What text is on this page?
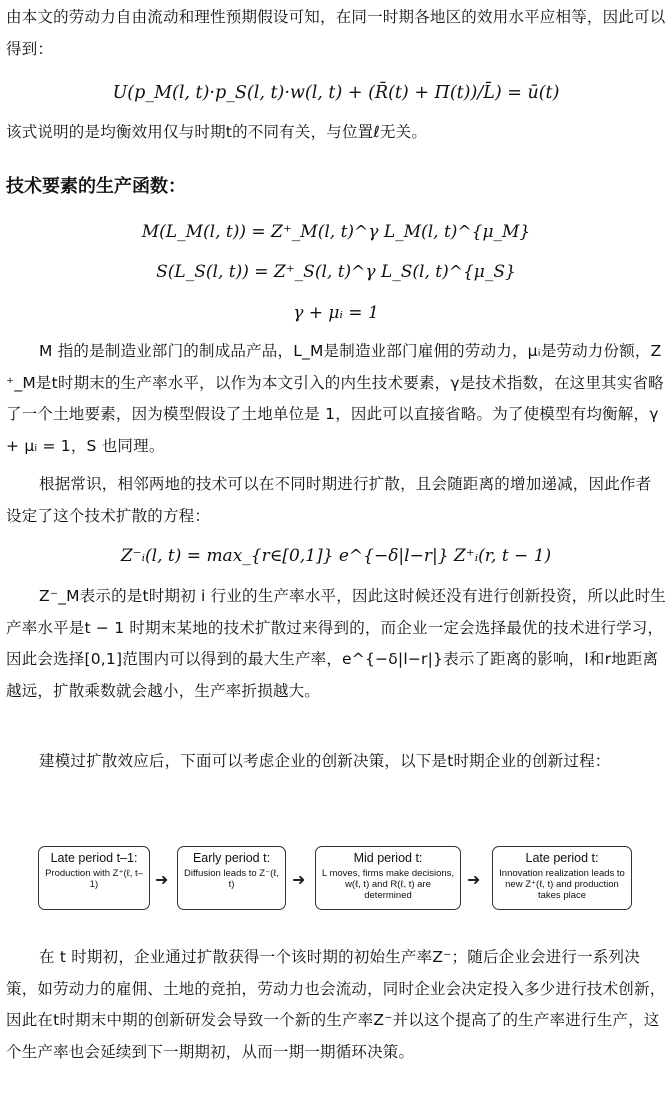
由本文的劳动力自由流动和理性预期假设可知，在同一时期各地区的效用水平应相等，因此可以得到：

U(p_M(l, t)·p_S(l, t)·w(l, t) + (R̄(t) + Π(t))/L̄) = ū(t)

该式说明的是均衡效用仅与时期t的不同有关，与位置ℓ无关。

技术要素的生产函数：
M(L_M(l, t)) = Z⁺_M(l, t)^γ L_M(l, t)^{μ_M}
S(L_S(l, t)) = Z⁺_S(l, t)^γ L_S(l, t)^{μ_S}
γ + μᵢ = 1

M 指的是制造业部门的制成品产品，L_M是制造业部门雇佣的劳动力，μᵢ是劳动力份额，Z⁺_M是t时期末的生产率水平，以作为本文引入的内生技术要素，γ是技术指数，在这里其实省略了一个土地要素，因为模型假设了土地单位是 1，因此可以直接省略。为了使模型有均衡解，γ + μᵢ = 1，S 也同理。

根据常识，相邻两地的技术可以在不同时期进行扩散，且会随距离的增加递减，因此作者设定了这个技术扩散的方程：

Z⁻ᵢ(l, t) = max_{r∈[0,1]} e^{−δ|l−r|} Z⁺ᵢ(r, t − 1)

Z⁻_M表示的是t时期初 i 行业的生产率水平，因此这时候还没有进行创新投资，所以此时生产率水平是t − 1 时期末某地的技术扩散过来得到的，而企业一定会选择最优的技术进行学习，因此会选择[0,1]范围内可以得到的最大生产率，e^{−δ|l−r|}表示了距离的影响，l和r地距离越远，扩散乘数就会越小，生产率折损越大。

建模过扩散效应后，下面可以考虑企业的创新决策，以下是t时期企业的创新过程：

Late period t–1:
Production with Z⁺(ℓ, t–1)	➜
Early period t:
Diffusion leads to Z⁻(ℓ, t)	➜
Mid period t:
L moves, firms make decisions, w(ℓ, t) and R(ℓ, t) are determined
➜
Late period t:
Innovation realization leads to new Z⁺(ℓ, t) and production takes place

在 t 时期初，企业通过扩散获得一个该时期的初始生产率Z⁻；随后企业会进行一系列决策，如劳动力的雇佣、土地的竞拍，劳动力也会流动，同时企业会决定投入多少进行技术创新，因此在t时期末中期的创新研发会导致一个新的生产率Z⁻并以这个提高了的生产率进行生产，这个生产率也会延续到下一期期初，从而一期一期循环决策。
